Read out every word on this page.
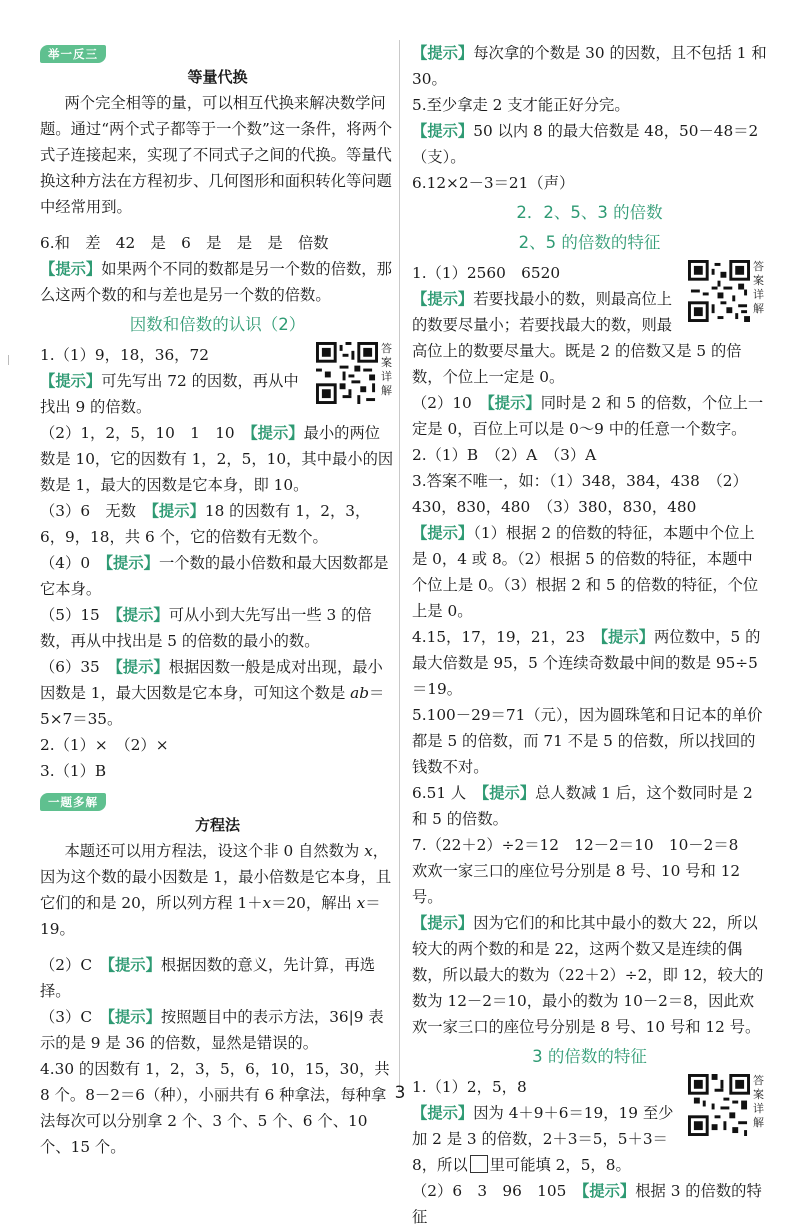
举一反三
等量代换

两个完全相等的量，可以相互代换来解决数学问题。通过“两个式子都等于一个数”这一条件，将两个式子连接起来，实现了不同式子之间的代换。等量代换这种方法在方程初步、几何图形和面积转化等问题中经常用到。

6.和　差　42　是　6　是　是　是　倍数

【 提示 】 如果两个不同的数都是另一个数的倍数，那么这两个数的和与差也是另一个数的倍数。

因数和倍数的认识（2）
答案详解

1.（1）9，18，36，72

【 提示 】 可先写出 72 的因数，再从中找出 9 的倍数。

（2）1，2，5，10　1　10　 【 提示 】 最小的两位数是 10，它的因数有 1，2，5，10，其中最小的因数是 1，最大的因数是它本身，即 10。

（3）6　无数　 【 提示 】 18 的因数有 1，2，3，6，9，18，共 6 个，它的倍数有无数个。

（4）0　 【 提示 】 一个数的最小倍数和最大因数都是它本身。

（5）15　 【 提示 】 可从小到大先写出一些 3 的倍数，再从中找出是 5 的倍数的最小的数。

（6）35　 【 提示 】 根据因数一般是成对出现，最小因数是 1，最大因数是它本身，可知这个数是 ab＝5×7＝35。

2.（1）×　（2）×

3.（1）B

一题多解
方程法

本题还可以用方程法，设这个非 0 自然数为 x，因为这个数的最小因数是 1，最小倍数是它本身，且它们的和是 20，所以列方程 1＋x＝20，解出 x＝19。

（2）C　 【 提示 】 根据因数的意义，先计算，再选择。

（3）C　 【 提示 】 按照题目中的表示方法，36|9 表示的是 9 是 36 的倍数，显然是错误的。

4.30 的因数有 1，2，3，5，6，10，15，30，共 8 个。8－2＝6（种），小丽共有 6 种拿法，每种拿法每次可以分别拿 2 个、3 个、5 个、6 个、10 个、15 个。

【 提示 】 每次拿的个数是 30 的因数，且不包括 1 和 30。

5.至少拿走 2 支才能正好分完。

【 提示 】 50 以内 8 的最大倍数是 48，50－48＝2（支）。

6.12×2－3＝21（声）

2．2、5、3 的倍数
2、5 的倍数的特征
答案详解

1.（1）2560　6520

【 提示 】 若要找最小的数，则最高位上的数要尽量小；若要找最大的数，则最高位上的数要尽量大。既是 2 的倍数又是 5 的倍数，个位上一定是 0。

（2）10　 【 提示 】 同时是 2 和 5 的倍数，个位上一定是 0，百位上可以是 0～9 中的任意一个数字。

2.（1）B　（2）A　（3）A

3.答案不唯一，如：（1）348，384，438　（2）430，830，480　（3）380，830，480

【 提示 】 （1）根据 2 的倍数的特征，本题中个位上是 0，4 或 8。（2）根据 5 的倍数的特征，本题中个位上是 0。（3）根据 2 和 5 的倍数的特征，个位上是 0。

4.15，17，19，21，23　 【 提示 】 两位数中，5 的最大倍数是 95，5 个连续奇数最中间的数是 95÷5＝19。

5.100－29＝71（元），因为圆珠笔和日记本的单价都是 5 的倍数，而 71 不是 5 的倍数，所以找回的钱数不对。

6.51 人　 【 提示 】 总人数减 1 后，这个数同时是 2 和 5 的倍数。

7.（22＋2）÷2＝12　12－2＝10　10－2＝8

欢欢一家三口的座位号分别是 8 号、10 号和 12 号。

【 提示 】 因为它们的和比其中最小的数大 22，所以较大的两个数的和是 22，这两个数又是连续的偶数，所以最大的数为（22＋2）÷2，即 12，较大的数为 12－2＝10，最小的数为 10－2＝8，因此欢欢一家三口的座位号分别是 8 号、10 号和 12 号。

3 的倍数的特征
答案详解

1.（1）2，5，8

【 提示 】 因为 4＋9＋6＝19，19 至少加 2 是 3 的倍数，2＋3＝5，5＋3＝8，所以 里可能填 2，5，8。

（2）6　3　96　105　 【 提示 】 根据 3 的倍数的特征

3
